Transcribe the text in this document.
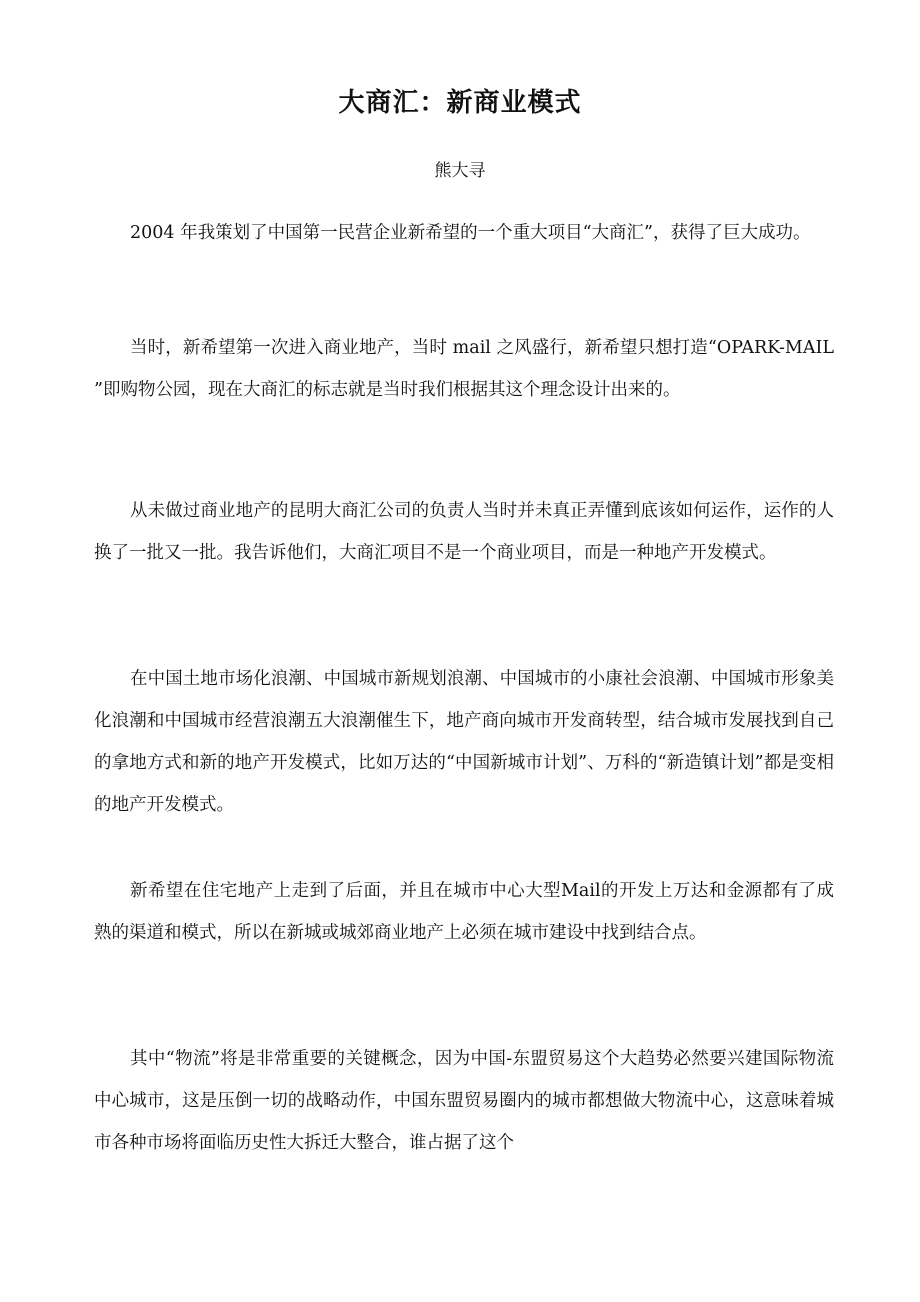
大商汇：新商业模式
熊大寻
2004 年我策划了中国第一民营企业新希望的一个重大项目“大商汇”，获得了巨大成功。
当时，新希望第一次进入商业地产，当时 mail 之风盛行，新希望只想打造“OPARK-MAIL ”即购物公园，现在大商汇的标志就是当时我们根据其这个理念设计出来的。
从未做过商业地产的昆明大商汇公司的负责人当时并未真正弄懂到底该如何运作，运作的人换了一批又一批。我告诉他们，大商汇项目不是一个商业项目，而是一种地产开发模式。
在中国土地市场化浪潮、中国城市新规划浪潮、中国城市的小康社会浪潮、中国城市形象美化浪潮和中国城市经营浪潮五大浪潮催生下，地产商向城市开发商转型，结合城市发展找到自己的拿地方式和新的地产开发模式，比如万达的“中国新城市计划”、万科的“新造镇计划”都是变相的地产开发模式。
新希望在住宅地产上走到了后面，并且在城市中心大型Mail的开发上万达和金源都有了成熟的渠道和模式，所以在新城或城郊商业地产上必须在城市建设中找到结合点。
其中“物流”将是非常重要的关键概念，因为中国-东盟贸易这个大趋势必然要兴建国际物流中心城市，这是压倒一切的战略动作，中国东盟贸易圈内的城市都想做大物流中心，这意味着城市各种市场将面临历史性大拆迁大整合，谁占据了这个
